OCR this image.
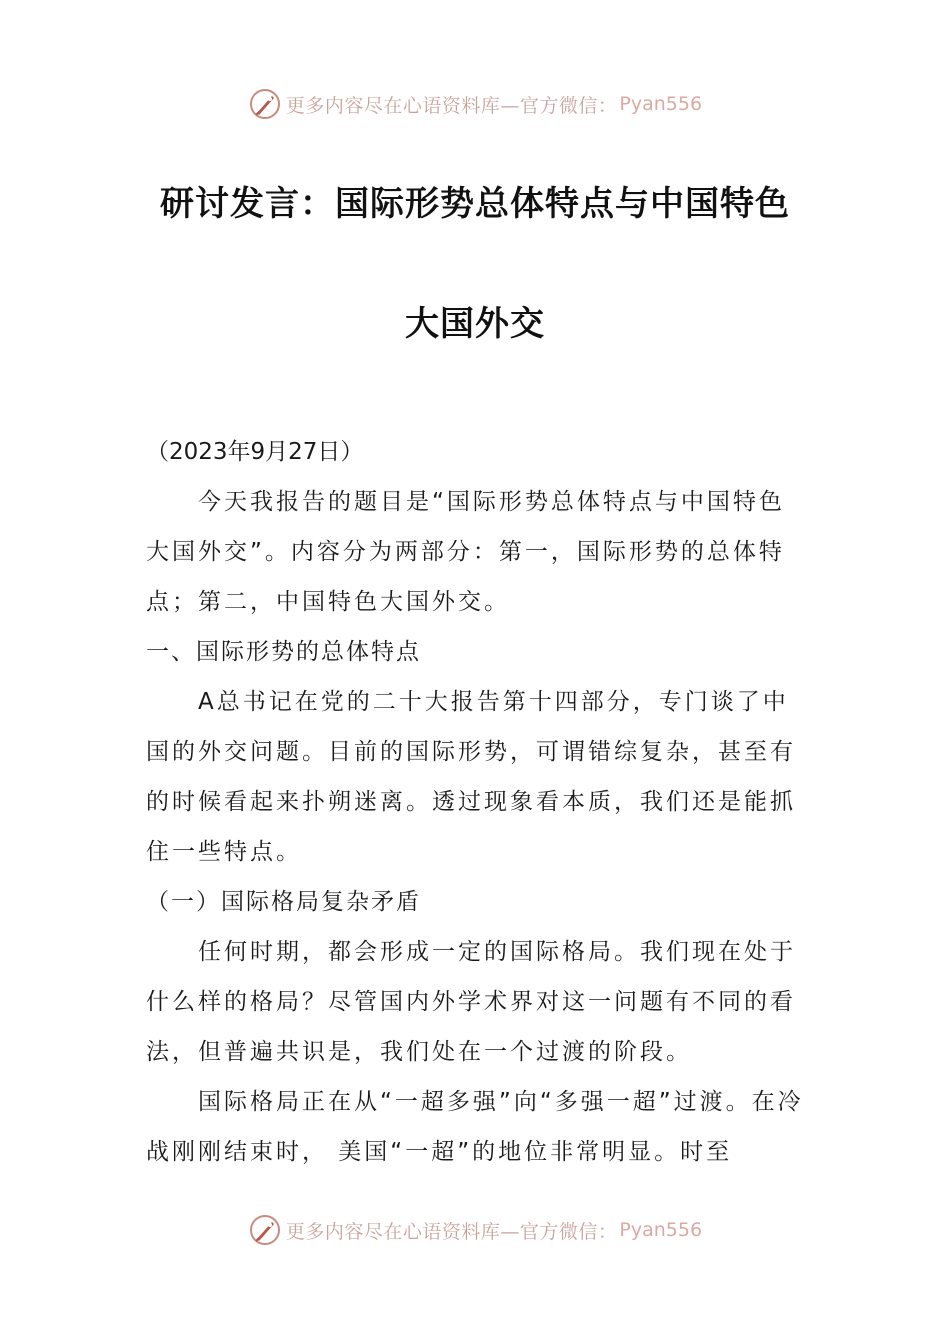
更多内容尽在心语资料库—官方微信： Pyan556
研讨发言：国际形势总体特点与中国特色
大国外交

（2023年9月27日）

今天我报告的题目是“国际形势总体特点与中国特色大国外交”。内容分为两部分：第一，国际形势的总体特点；第二，中国特色大国外交。

一、国际形势的总体特点

A总书记在党的二十大报告第十四部分，专门谈了中国的外交问题。目前的国际形势，可谓错综复杂，甚至有的时候看起来扑朔迷离。透过现象看本质，我们还是能抓住一些特点。

（一）国际格局复杂矛盾

任何时期，都会形成一定的国际格局。我们现在处于什么样的格局？尽管国内外学术界对这一问题有不同的看法，但普遍共识是，我们处在一个过渡的阶段。

国际格局正在从“一超多强”向“多强一超”过渡。在冷战刚刚结束时， 美国“一超”的地位非常明显。时至

更多内容尽在心语资料库—官方微信： Pyan556
